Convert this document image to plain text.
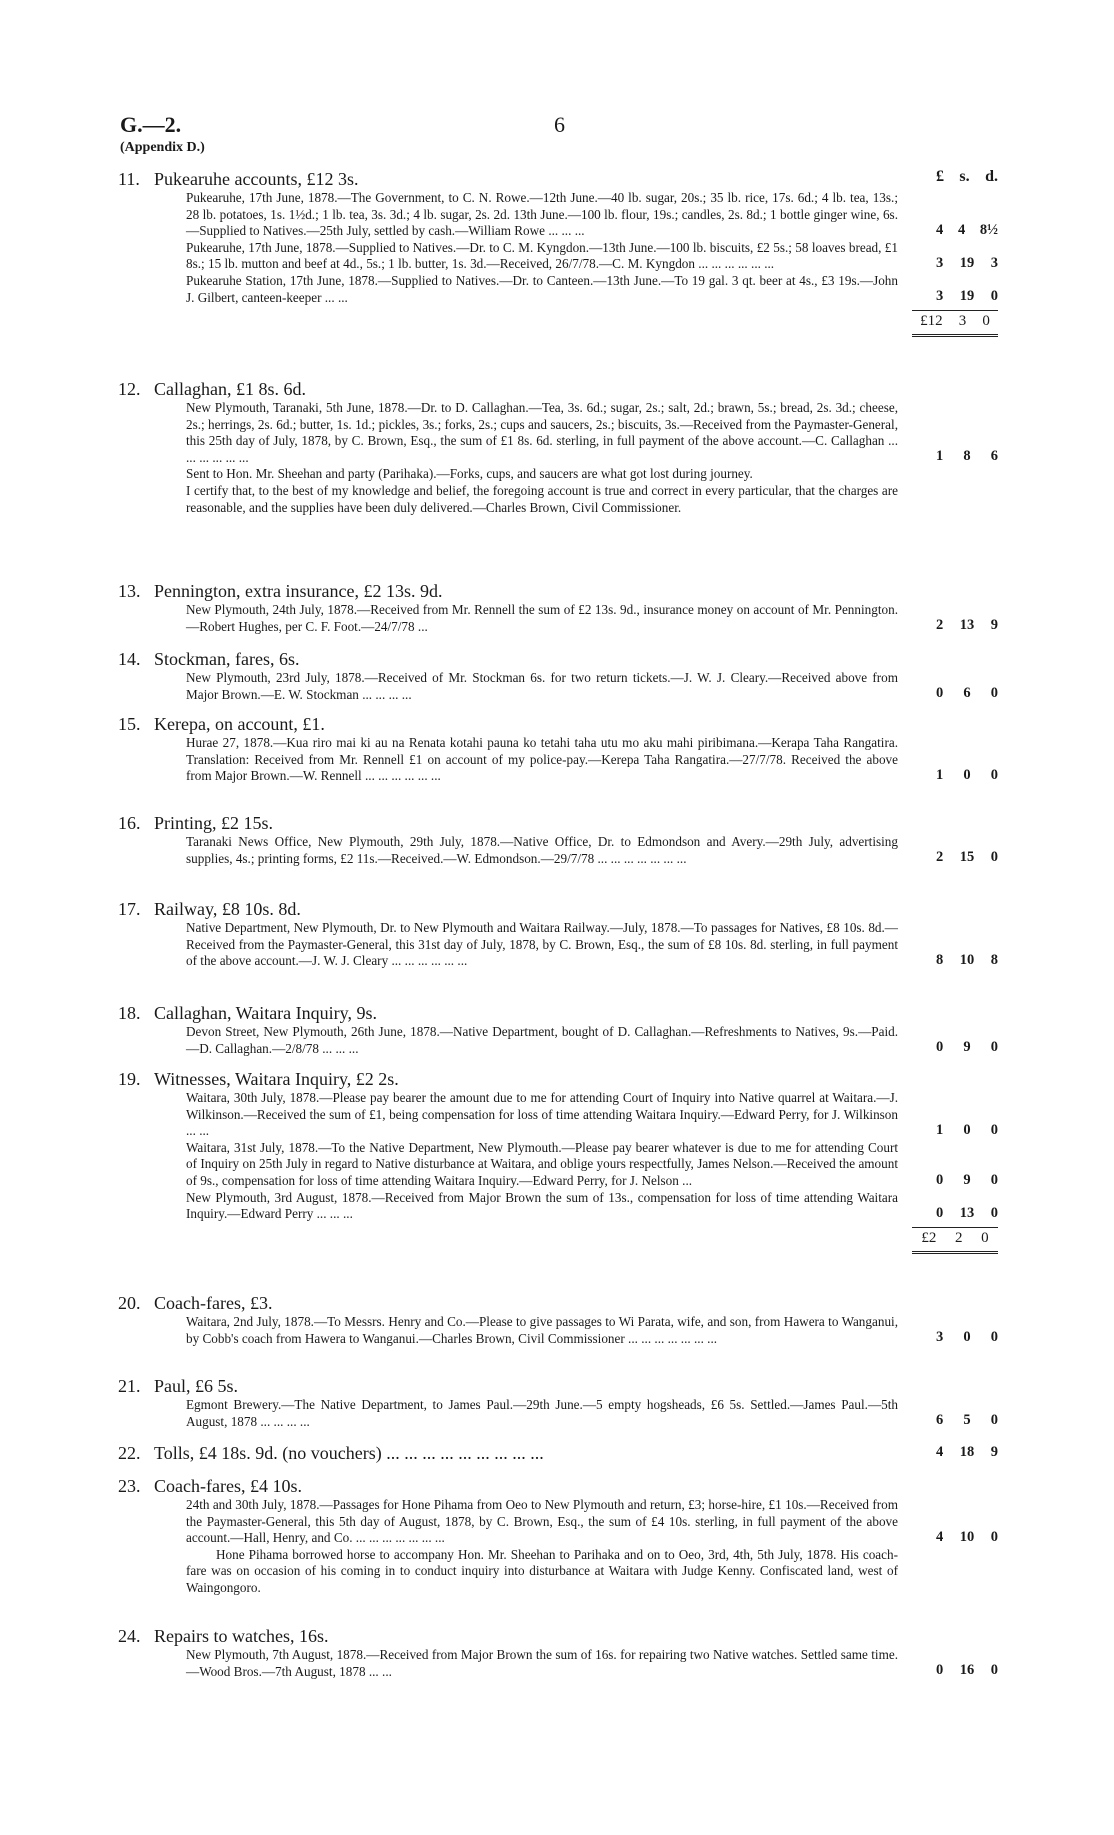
G.—2.	6
(Appendix D.)
£ s. d.
11. Pukearuhe accounts, £12 3s.
Pukearuhe, 17th June, 1878.—The Government, to C. N. Rowe.—12th June.—40 lb. sugar, 20s.; 35 lb. rice, 17s. 6d.; 4 lb. tea, 13s.; 28 lb. potatoes, 1s. 1½d.; 1 lb. tea, 3s. 3d.; 4 lb. sugar, 2s. 2d. 13th June.—100 lb. flour, 19s.; candles, 2s. 8d.; 1 bottle ginger wine, 6s.—Supplied to Natives.—25th July, settled by cash.—William Rowe ... ... ...	4 4 8½
Pukearuhe, 17th June, 1878.—Supplied to Natives.—Dr. to C. M. Kyngdon.—13th June.—100 lb. biscuits, £2 5s.; 58 loaves bread, £1 8s.; 15 lb. mutton and beef at 4d., 5s.; 1 lb. butter, 1s. 3d.—Received, 26/7/78.—C. M. Kyngdon ... ... ... ... ... ...	3 19 3
Pukearuhe Station, 17th June, 1878.—Supplied to Natives.—Dr. to Canteen.—13th June.—To 19 gal. 3 qt. beer at 4s., £3 19s.—John J. Gilbert, canteen-keeper ... ...	3 19 0
£12 3 0
12. Callaghan, £1 8s. 6d.
New Plymouth, Taranaki, 5th June, 1878.—Dr. to D. Callaghan.—Tea, 3s. 6d.; sugar, 2s.; salt, 2d.; brawn, 5s.; bread, 2s. 3d.; cheese, 2s.; herrings, 2s. 6d.; butter, 1s. 1d.; pickles, 3s.; forks, 2s.; cups and saucers, 2s.; biscuits, 3s.—Received from the Paymaster-General, this 25th day of July, 1878, by C. Brown, Esq., the sum of £1 8s. 6d. sterling, in full payment of the above account.—C. Callaghan ... ... ... ... ... ...	1 8 6
Sent to Hon. Mr. Sheehan and party (Parihaka).—Forks, cups, and saucers are what got lost during journey.
I certify that, to the best of my knowledge and belief, the foregoing account is true and correct in every particular, that the charges are reasonable, and the supplies have been duly delivered.—Charles Brown, Civil Commissioner.
13. Pennington, extra insurance, £2 13s. 9d.
New Plymouth, 24th July, 1878.—Received from Mr. Rennell the sum of £2 13s. 9d., insurance money on account of Mr. Pennington.—Robert Hughes, per C. F. Foot.—24/7/78 ...	2 13 9
14. Stockman, fares, 6s.
New Plymouth, 23rd July, 1878.—Received of Mr. Stockman 6s. for two return tickets.—J. W. J. Cleary.—Received above from Major Brown.—E. W. Stockman ... ... ... ...	0 6 0
15. Kerepa, on account, £1.
Hurae 27, 1878.—Kua riro mai ki au na Renata kotahi pauna ko tetahi taha utu mo aku mahi piribimana.—Kerapa Taha Rangatira. Translation: Received from Mr. Rennell £1 on account of my police-pay.—Kerepa Taha Rangatira.—27/7/78. Received the above from Major Brown.—W. Rennell ... ... ... ... ... ...	1 0 0
16. Printing, £2 15s.
Taranaki News Office, New Plymouth, 29th July, 1878.—Native Office, Dr. to Edmondson and Avery.—29th July, advertising supplies, 4s.; printing forms, £2 11s.—Received.—W. Edmondson.—29/7/78 ... ... ... ... ... ... ...	2 15 0
17. Railway, £8 10s. 8d.
Native Department, New Plymouth, Dr. to New Plymouth and Waitara Railway.—July, 1878.—To passages for Natives, £8 10s. 8d.—Received from the Paymaster-General, this 31st day of July, 1878, by C. Brown, Esq., the sum of £8 10s. 8d. sterling, in full payment of the above account.—J. W. J. Cleary ... ... ... ... ... ...	8 10 8
18. Callaghan, Waitara Inquiry, 9s.
Devon Street, New Plymouth, 26th June, 1878.—Native Department, bought of D. Callaghan.—Refreshments to Natives, 9s.—Paid.—D. Callaghan.—2/8/78 ... ... ...	0 9 0
19. Witnesses, Waitara Inquiry, £2 2s.
Waitara, 30th July, 1878.—Please pay bearer the amount due to me for attending Court of Inquiry into Native quarrel at Waitara.—J. Wilkinson.—Received the sum of £1, being compensation for loss of time attending Waitara Inquiry.—Edward Perry, for J. Wilkinson ... ...	1 0 0
Waitara, 31st July, 1878.—To the Native Department, New Plymouth.—Please pay bearer whatever is due to me for attending Court of Inquiry on 25th July in regard to Native disturbance at Waitara, and oblige yours respectfully, James Nelson.—Received the amount of 9s., compensation for loss of time attending Waitara Inquiry.—Edward Perry, for J. Nelson ...	0 9 0
New Plymouth, 3rd August, 1878.—Received from Major Brown the sum of 13s., compensation for loss of time attending Waitara Inquiry.—Edward Perry ... ... ...	0 13 0
£2 2 0
20. Coach-fares, £3.
Waitara, 2nd July, 1878.—To Messrs. Henry and Co.—Please to give passages to Wi Parata, wife, and son, from Hawera to Wanganui, by Cobb's coach from Hawera to Wanganui.—Charles Brown, Civil Commissioner ... ... ... ... ... ... ...	3 0 0
21. Paul, £6 5s.
Egmont Brewery.—The Native Department, to James Paul.—29th June.—5 empty hogsheads, £6 5s. Settled.—James Paul.—5th August, 1878 ... ... ... ...	6 5 0
22. Tolls, £4 18s. 9d. (no vouchers) ... ... ... ... ... ... ... ... ...	4 18 9
23. Coach-fares, £4 10s.
24th and 30th July, 1878.—Passages for Hone Pihama from Oeo to New Plymouth and return, £3; horse-hire, £1 10s.—Received from the Paymaster-General, this 5th day of August, 1878, by C. Brown, Esq., the sum of £4 10s. sterling, in full payment of the above account.—Hall, Henry, and Co. ... ... ... ... ... ... ...	4 10 0
Hone Pihama borrowed horse to accompany Hon. Mr. Sheehan to Parihaka and on to Oeo, 3rd, 4th, 5th July, 1878. His coach-fare was on occasion of his coming in to conduct inquiry into disturbance at Waitara with Judge Kenny. Confiscated land, west of Waingongoro.
24. Repairs to watches, 16s.
New Plymouth, 7th August, 1878.—Received from Major Brown the sum of 16s. for repairing two Native watches. Settled same time.—Wood Bros.—7th August, 1878 ... ...	0 16 0
